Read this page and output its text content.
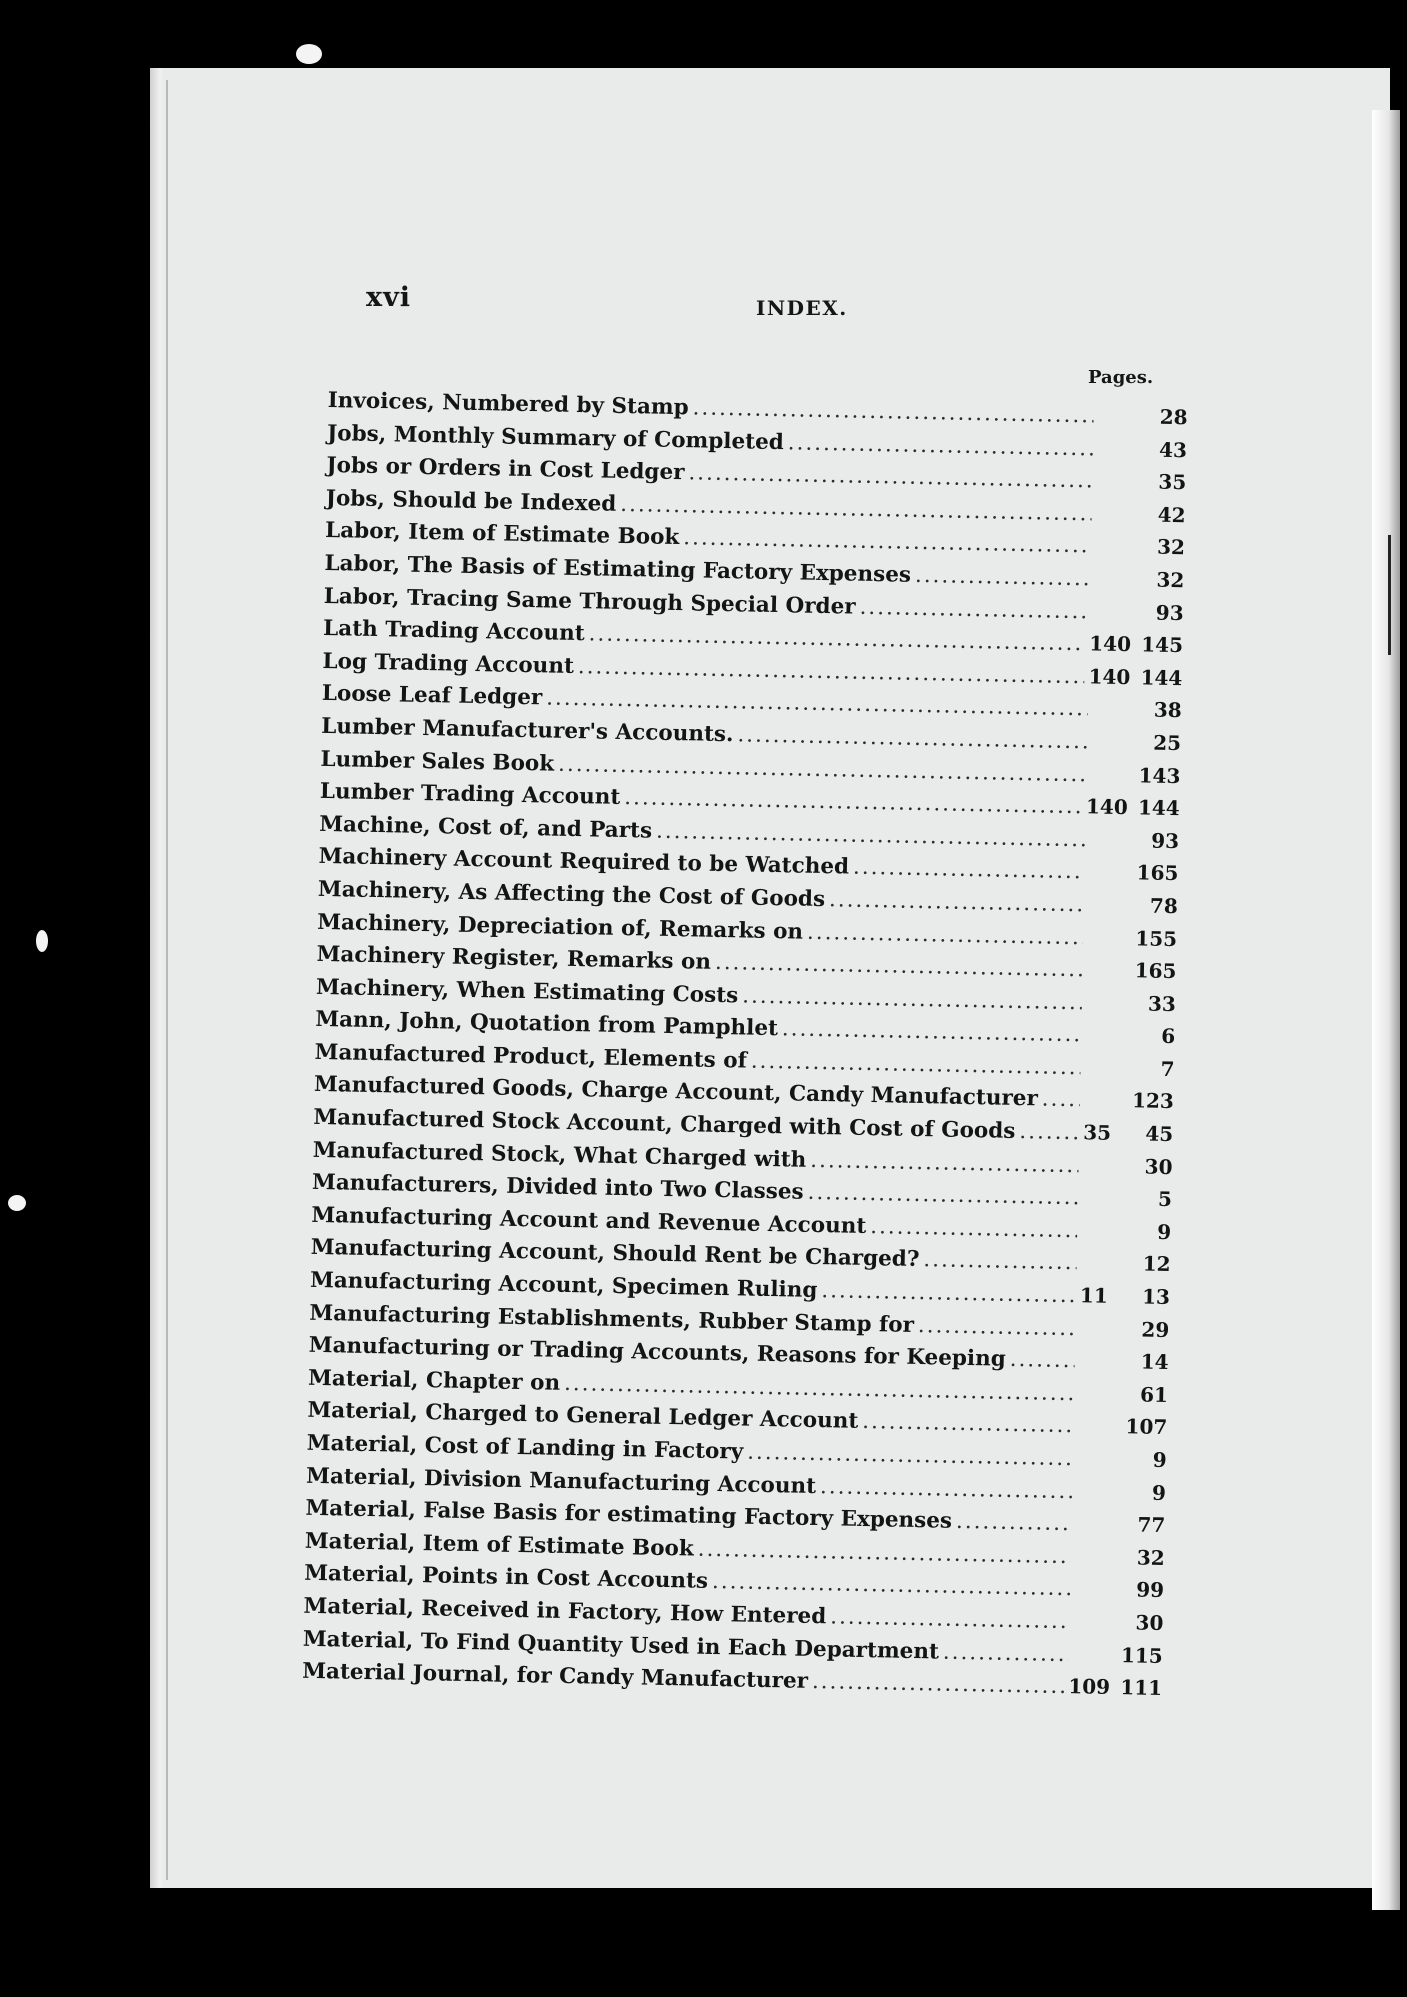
xvi	INDEX.
Pages.
Invoices, Numbered by Stamp .....	28
Jobs, Monthly Summary of Completed .....	43
Jobs or Orders in Cost Ledger .....	35
Jobs, Should be Indexed .....	42
Labor, Item of Estimate Book .....	32
Labor, The Basis of Estimating Factory Expenses .....	32
Labor, Tracing Same Through Special Order .....	93
Lath Trading Account .....	140 145
Log Trading Account .....	140 144
Loose Leaf Ledger .....	38
Lumber Manufacturer's Accounts. .....	25
Lumber Sales Book .....	143
Lumber Trading Account .....	140 144
Machine, Cost of, and Parts .....	93
Machinery Account Required to be Watched .....	165
Machinery, As Affecting the Cost of Goods .....	78
Machinery, Depreciation of, Remarks on .....	155
Machinery Register, Remarks on .....	165
Machinery, When Estimating Costs .....	33
Mann, John, Quotation from Pamphlet .....	6
Manufactured Product, Elements of .....	7
Manufactured Goods, Charge Account, Candy Manufacturer .....	123
Manufactured Stock Account, Charged with Cost of Goods .....	35	45
Manufactured Stock, What Charged with .....	30
Manufacturers, Divided into Two Classes .....	5
Manufacturing Account and Revenue Account .....	9
Manufacturing Account, Should Rent be Charged? .....	12
Manufacturing Account, Specimen Ruling .....	11	13
Manufacturing Establishments, Rubber Stamp for .....	29
Manufacturing or Trading Accounts, Reasons for Keeping .....	14
Material, Chapter on .....	61
Material, Charged to General Ledger Account .....	107
Material, Cost of Landing in Factory .....	9
Material, Division Manufacturing Account .....	9
Material, False Basis for estimating Factory Expenses .....	77
Material, Item of Estimate Book .....	32
Material, Points in Cost Accounts .....	99
Material, Received in Factory, How Entered .....	30
Material, To Find Quantity Used in Each Department .....	115
Material Journal, for Candy Manufacturer .....	109 111
